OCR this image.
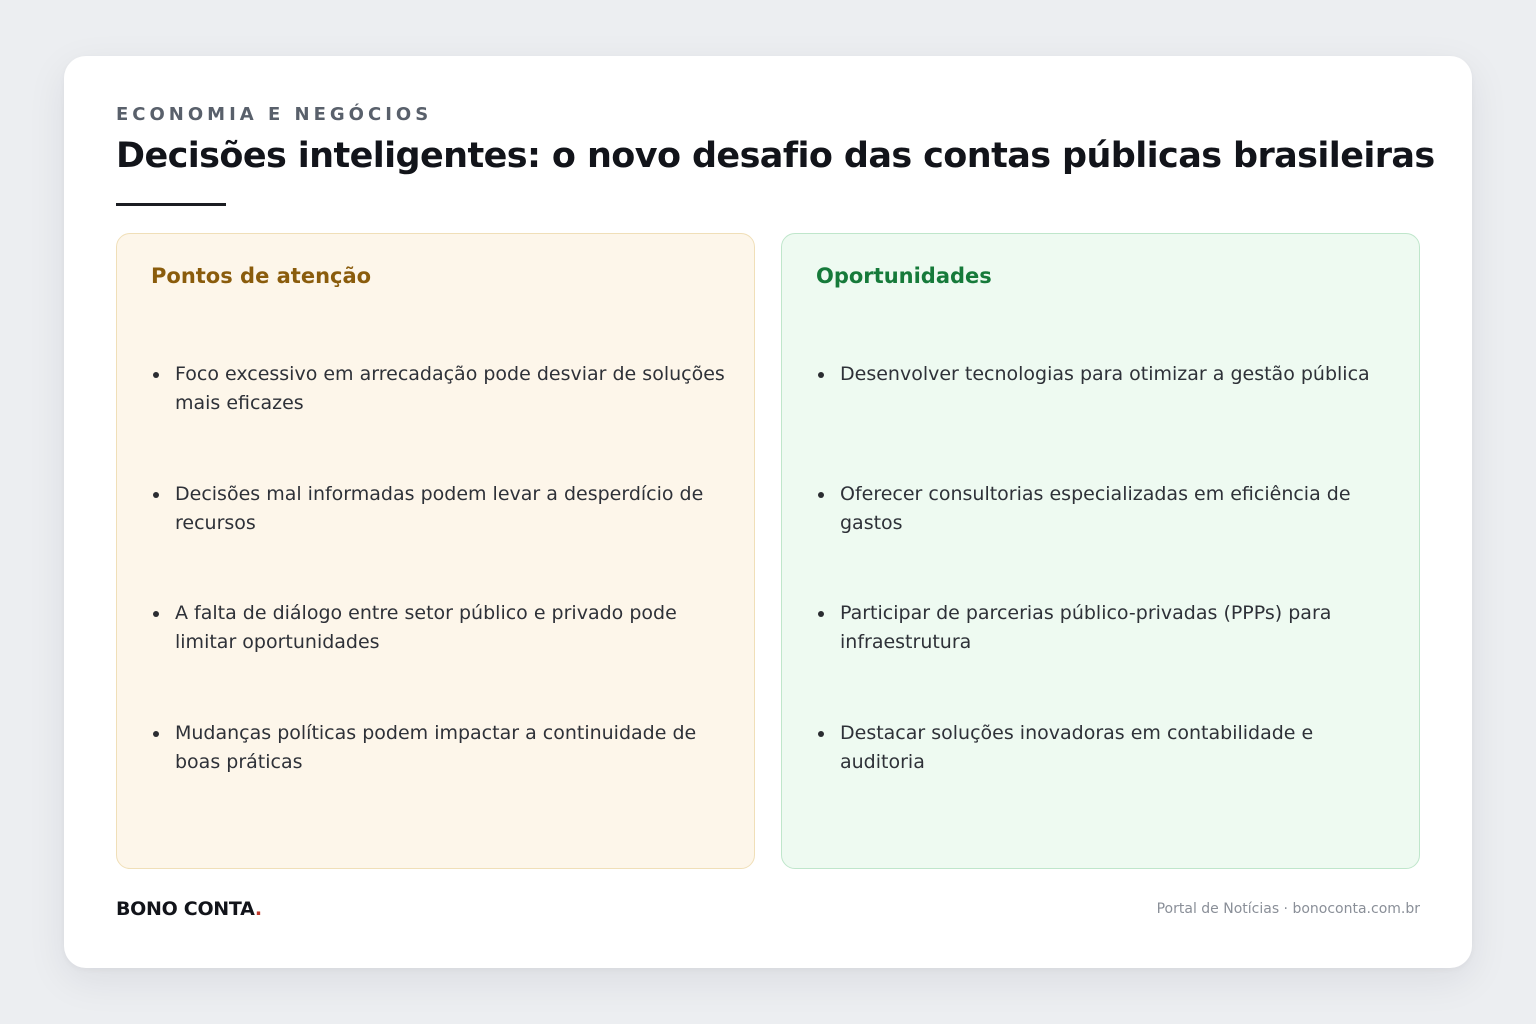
ECONOMIA E NEGÓCIOS
Decisões inteligentes: o novo desafio das contas públicas brasileiras
Pontos de atenção
Foco excessivo em arrecadação pode desviar de soluções mais eficazes
Decisões mal informadas podem levar a desperdício de recursos
A falta de diálogo entre setor público e privado pode limitar oportunidades
Mudanças políticas podem impactar a continuidade de boas práticas
Oportunidades
Desenvolver tecnologias para otimizar a gestão pública
Oferecer consultorias especializadas em eficiência de gastos
Participar de parcerias público-privadas (PPPs) para infraestrutura
Destacar soluções inovadoras em contabilidade e auditoria
BONO CONTA.	Portal de Notícias · bonoconta.com.br
